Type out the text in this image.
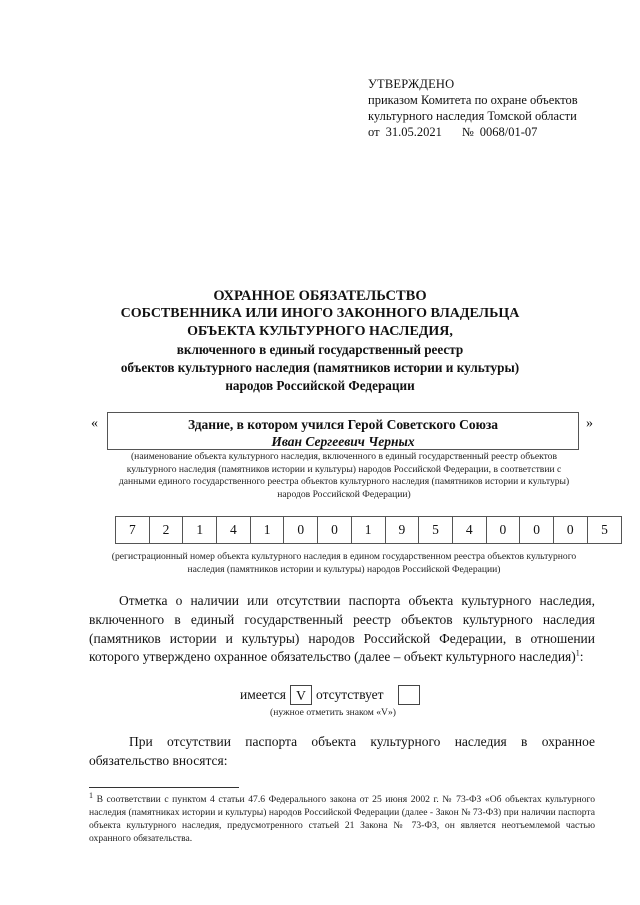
УТВЕРЖДЕНО
приказом Комитета по охране объектов
культурного наследия Томской области
от 31.05.2021 № 0068/01-07
ОХРАННОЕ ОБЯЗАТЕЛЬСТВО
СОБСТВЕННИКА ИЛИ ИНОГО ЗАКОННОГО ВЛАДЕЛЬЦА
ОБЪЕКТА КУЛЬТУРНОГО НАСЛЕДИЯ,
включенного в единый государственный реестр
объектов культурного наследия (памятников истории и культуры)
народов Российской Федерации
«	Здание, в котором учился Герой Советского Союза
Иван Сергеевич Черных
»
(наименование объекта культурного наследия, включенного в единый государственный реестр объектов культурного наследия (памятников истории и культуры) народов Российской Федерации, в соответствии с данными единого государственного реестра объектов культурного наследия (памятников истории и культуры) народов Российской Федерации)
7	2	1	4	1	0	0	1	9	5	4	0	0	0	5
(регистрационный номер объекта культурного наследия в едином государственном реестра объектов культурного наследия (памятников истории и культуры) народов Российской Федерации)
Отметка о наличии или отсутствии паспорта объекта культурного наследия, включенного в единый государственный реестр объектов культурного наследия (памятников истории и культуры) народов Российской Федерации, в отношении которого утверждено охранное обязательство (далее – объект культурного наследия)$^1$:
имеется V отсутствует
(нужное отметить знаком «V»)
При отсутствии паспорта объекта культурного наследия в охранное обязательство вносятся:
$^1$ В соответствии с пунктом 4 статьи 47.6 Федерального закона от 25 июня 2002 г. № 73-ФЗ «Об объектах культурного наследия (памятниках истории и культуры) народов Российской Федерации (далее - Закон № 73-ФЗ) при наличии паспорта объекта культурного наследия, предусмотренного статьей 21 Закона № 73-ФЗ, он является неотъемлемой частью охранного обязательства.
